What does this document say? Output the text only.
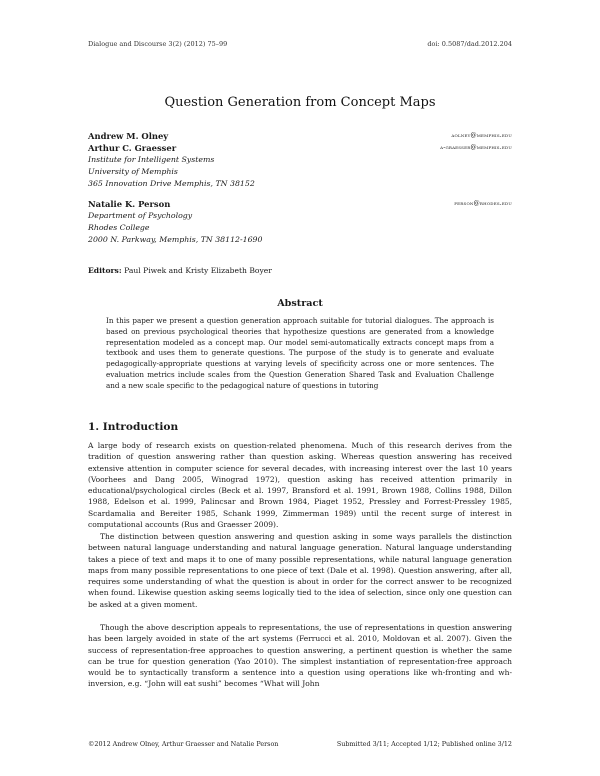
Dialogue and Discourse 3(2) (2012) 75–99	doi: 0.5087/dad.2012.204
Question Generation from Concept Maps
Andrew M. Olney	aolney@memphis.edu
Arthur C. Graesser	a-graesser@memphis.edu
Institute for Intelligent Systems
University of Memphis
365 Innovation Drive Memphis, TN 38152
Natalie K. Person	person@rhodes.edu
Department of Psychology
Rhodes College
2000 N. Parkway, Memphis, TN 38112-1690
Editors: Paul Piwek and Kristy Elizabeth Boyer
Abstract
In this paper we present a question generation approach suitable for tutorial dialogues. The approach is based on previous psychological theories that hypothesize questions are generated from a knowledge representation modeled as a concept map. Our model semi-automatically extracts concept maps from a textbook and uses them to generate questions. The purpose of the study is to generate and evaluate pedagogically-appropriate questions at varying levels of specificity across one or more sentences. The evaluation metrics include scales from the Question Generation Shared Task and Evaluation Challenge and a new scale specific to the pedagogical nature of questions in tutoring
1. Introduction
A large body of research exists on question-related phenomena. Much of this research derives from the tradition of question answering rather than question asking. Whereas question answering has received extensive attention in computer science for several decades, with increasing interest over the last 10 years (Voorhees and Dang 2005, Winograd 1972), question asking has received attention primarily in educational/psychological circles (Beck et al. 1997, Bransford et al. 1991, Brown 1988, Collins 1988, Dillon 1988, Edelson et al. 1999, Palincsar and Brown 1984, Piaget 1952, Pressley and Forrest-Pressley 1985, Scardamalia and Bereiter 1985, Schank 1999, Zimmerman 1989) until the recent surge of interest in computational accounts (Rus and Graesser 2009).
The distinction between question answering and question asking in some ways parallels the distinction between natural language understanding and natural language generation. Natural language understanding takes a piece of text and maps it to one of many possible representations, while natural language generation maps from many possible representations to one piece of text (Dale et al. 1998). Question answering, after all, requires some understanding of what the question is about in order for the correct answer to be recognized when found. Likewise question asking seems logically tied to the idea of selection, since only one question can be asked at a given moment.
Though the above description appeals to representations, the use of representations in question answering has been largely avoided in state of the art systems (Ferrucci et al. 2010, Moldovan et al. 2007). Given the success of representation-free approaches to question answering, a pertinent question is whether the same can be true for question generation (Yao 2010). The simplest instantiation of representation-free approach would be to syntactically transform a sentence into a question using operations like wh-fronting and wh-inversion, e.g. “John will eat sushi” becomes “What will John
©2012 Andrew Olney, Arthur Graesser and Natalie Person	Submitted 3/11; Accepted 1/12; Published online 3/12
